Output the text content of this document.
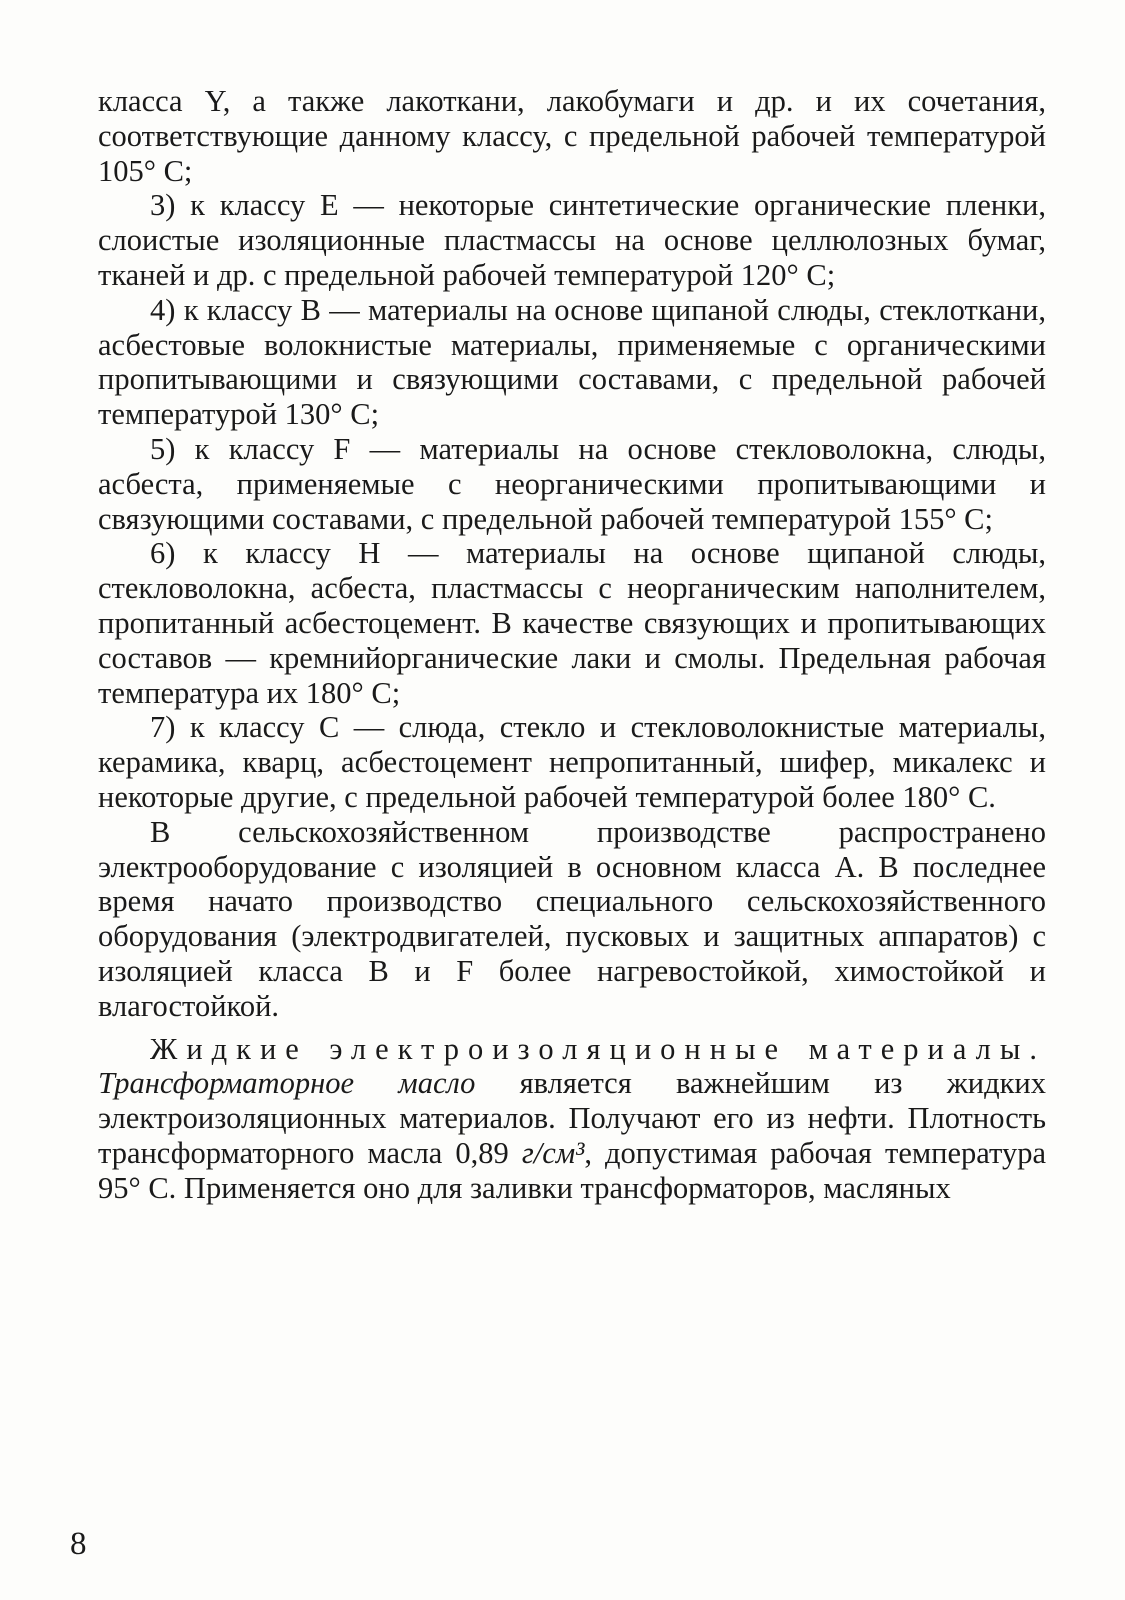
класса Y, а также лакоткани, лакобумаги и др. и их сочетания, соответствующие данному классу, с предельной рабочей температурой 105° С;

3) к классу Е — некоторые синтетические органические пленки, слоистые изоляционные пластмассы на основе целлюлозных бумаг, тканей и др. с предельной рабочей температурой 120° С;

4) к классу В — материалы на основе щипаной слюды, стеклоткани, асбестовые волокнистые материалы, применяемые с органическими пропитывающими и связующими составами, с предельной рабочей температурой 130° С;

5) к классу F — материалы на основе стекловолокна, слюды, асбеста, применяемые с неорганическими пропитывающими и связующими составами, с предельной рабочей температурой 155° С;

6) к классу Н — материалы на основе щипаной слюды, стекловолокна, асбеста, пластмассы с неорганическим наполнителем, пропитанный асбестоцемент. В качестве связующих и пропитывающих составов — кремнийорганические лаки и смолы. Предельная рабочая температура их 180° С;

7) к классу С — слюда, стекло и стекловолокнистые материалы, керамика, кварц, асбестоцемент непропитанный, шифер, микалекс и некоторые другие, с предельной рабочей температурой более 180° С.

В сельскохозяйственном производстве распространено электрооборудование с изоляцией в основном класса А. В последнее время начато производство специального сельскохозяйственного оборудования (электродвигателей, пусковых и защитных аппаратов) с изоляцией класса В и F более нагревостойкой, химостойкой и влагостойкой.

Жидкие электроизоляционные материалы. Трансформаторное масло является важнейшим из жидких электроизоляционных материалов. Получают его из нефти. Плотность трансформаторного масла 0,89 г/см³, допустимая рабочая температура 95° С. Применяется оно для заливки трансформаторов, масляных

8
